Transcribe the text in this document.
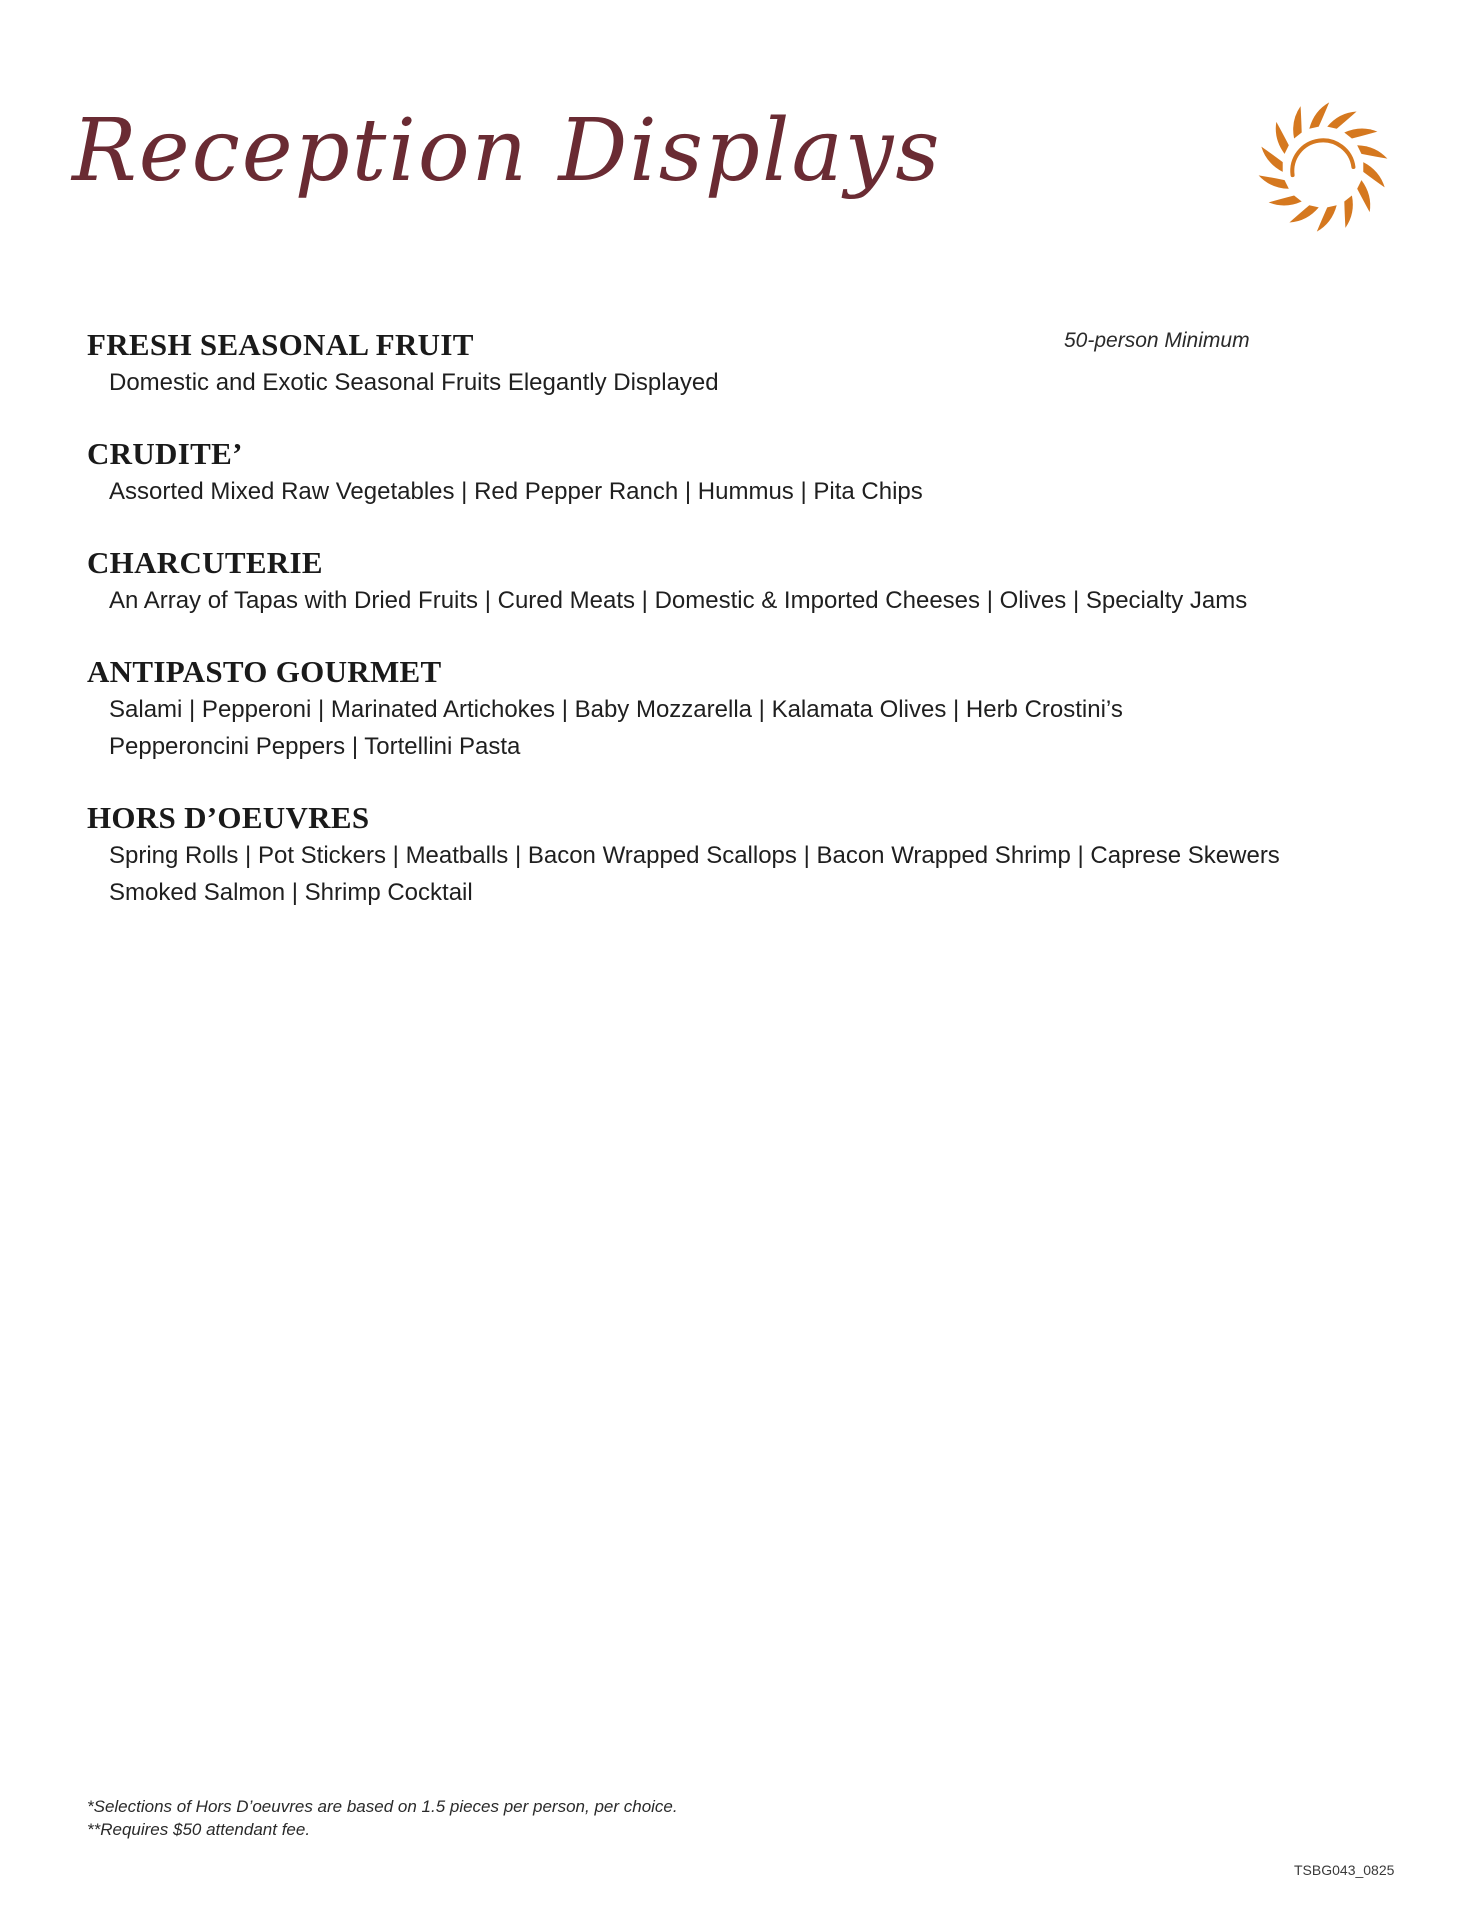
Reception Displays
50-person Minimum
FRESH SEASONAL FRUIT

Domestic and Exotic Seasonal Fruits Elegantly Displayed

CRUDITE’

Assorted Mixed Raw Vegetables | Red Pepper Ranch | Hummus | Pita Chips

CHARCUTERIE

An Array of Tapas with Dried Fruits | Cured Meats | Domestic & Imported Cheeses | Olives | Specialty Jams

ANTIPASTO GOURMET

Salami | Pepperoni | Marinated Artichokes | Baby Mozzarella | Kalamata Olives | Herb Crostini’s

Pepperoncini Peppers | Tortellini Pasta

HORS D’OEUVRES

Spring Rolls | Pot Stickers | Meatballs | Bacon Wrapped Scallops | Bacon Wrapped Shrimp | Caprese Skewers

Smoked Salmon | Shrimp Cocktail

*Selections of Hors D’oeuvres are based on 1.5 pieces per person, per choice.

**Requires $50 attendant fee.

TSBG043_0825
